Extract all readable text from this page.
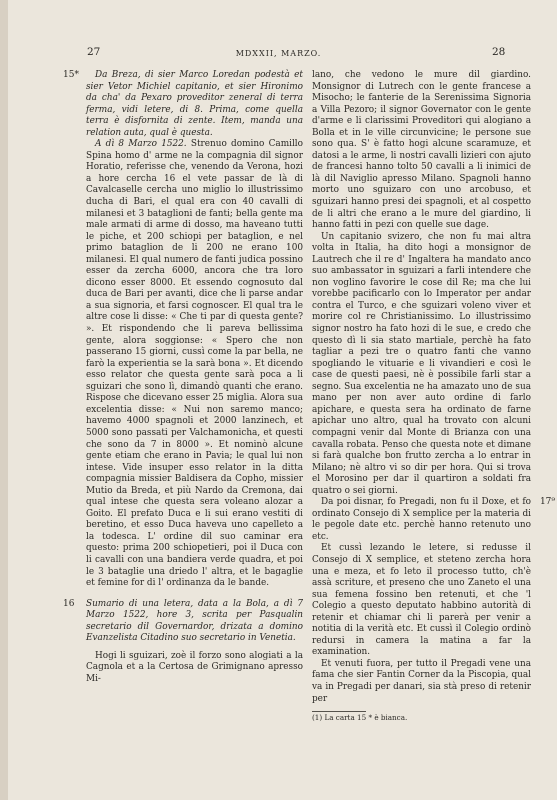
27	MDXXII, MARZO.	28
15*	Da Breza, di sier Marco Loredan podestà et sier Vetor Michiel capitanio, et sier Hironimo da cha' da Pexaro proveditor zeneral di terra ferma, vidi letere, di 8. Prima, come quella terra è disfornita di zente. Item, manda una relation auta, qual è questa.

A dì 8 Marzo 1522. Strenuo domino Camillo Spina homo d' arme ne la compagnia dil signor Horatio, referisse che, venendo da Verona, hozi a hore cercha 16 el vete passar de là di Cavalcaselle cercha uno miglio lo illustrissimo ducha di Bari, el qual era con 40 cavalli di milanesi et 3 bataglioni de fanti; bella gente ma male armati di arme di dosso, ma haveano tutti le piche, et 200 schiopi per bataglion, e nel primo bataglion de li 200 ne erano 100 milanesi. El qual numero de fanti judica possino esser da zercha 6000, ancora che tra loro dicono esser 8000. Et essendo cognosuto dal duca de Bari per avanti, dice che li parse andar a sua signoria, et farsi cognoscer. El qual tra le altre cose li disse: « Che ti par di questa gente? ». Et rispondendo che li pareva bellissima gente, alora soggionse: « Spero che non passerano 15 giorni, cussì come la par bella, ne farò la experientia se la sarà bona ». Et dicendo esso relator che questa gente sarà poca a li sguizari che sono lì, dimandò quanti che erano. Rispose che dicevano esser 25 miglia. Alora sua excelentia disse: « Nui non saremo manco; havemo 4000 spagnoli et 2000 lanzinech, et 5000 sono passati per Valchamonicha, et questi che sono da 7 in 8000 ». Et nominò alcune gente etiam che erano in Pavia; le qual lui non intese. Vide insuper esso relator in la ditta compagnia missier Baldisera da Copho, missier Mutio da Breda, et più Nardo da Cremona, dai qual intese che questa sera voleano alozar a Goito. El prefato Duca e li sui erano vestiti di beretino, et esso Duca haveva uno capelleto a la todesca. L' ordine dil suo caminar era questo: prima 200 schiopetieri, poi il Duca con li cavalli con una bandiera verde quadra, et poi le 3 bataglie una driedo l' altra, et le bagaglie et femine for di l' ordinanza da le bande.

16 Sumario di una letera, data a la Bola, a dì 7 Marzo 1522, hore 3, scrita per Pasqualin secretario dil Governardor, drizata a domino Evanzelista Citadino suo secretario in Venetia.

Hogi li sguizari, zoè il forzo sono alogiati a la Cagnola et a la Certosa de Grimignano apresso Mi-

lano, che vedono le mure dil giardino. Monsignor di Lutrech con le gente francese a Misocho; le fanterie de la Serenissima Signoria a Villa Pezoro; il signor Governator con le gente d'arme e li clarissimi Proveditori qui alogiano a Bolla et in le ville circunvicine; le persone sue sono qua. S' è fatto hogi alcune scaramuze, et datosi a le arme, li nostri cavalli lizieri con ajuto de francesi hanno tolto 50 cavalli a li inimici de là dil Naviglio apresso Milano. Spagnoli hanno morto uno sguizaro con uno arcobuso, et sguizari hanno presi dei spagnoli, et al cospetto de li altri che erano a le mure del giardino, li hanno fatti in pezi con quelle sue dage.

Un capitanio svizero, che non fu mai altra volta in Italia, ha dito hogi a monsignor de Lautrech che il re d' Ingaltera ha mandato anco suo ambassator in sguizari a farli intendere che non voglino favorire le cose dil Re; ma che lui vorebbe pacificarlo con lo Imperator per andar contra el Turco, e che sguizari voleno viver et morire col re Christianissimo. Lo illustrissimo signor nostro ha fato hozi di le sue, e credo che questo dì li sia stato martiale, perchè ha fato tagliar a pezi tre o quatro fanti che vanno spogliando le vituarie e li vivandieri e così le case de questi paesi, nè è possibile farli star a segno. Sua excelentia ne ha amazato uno de sua mano per non aver auto ordine di farlo apichare, e questa sera ha ordinato de farne apichar uno altro, qual ha trovato con alcuni compagni venir dal Monte di Brianza con una cavalla robata. Penso che questa note et dimane si farà qualche bon frutto zercha a lo entrar in Milano; nè altro vi so dir per hora. Qui si trova el Morosino per dar il quartiron a soldati fra quatro o sei giorni.

17⁹

Da poi disnar, fo Pregadi, non fu il Doxe, et fo ordinato Consejo di X semplice per la materia di le pegole date etc. perchè hanno retenuto uno etc.

Et cussì lezando le letere, si redusse il Consejo di X semplice, et steteno zercha hora una e meza, et fo leto il processo tutto, ch'è assà scriture, et preseno che uno Zaneto el una sua femena fossino ben retenuti, et che 'l Colegio a questo deputato habbino autorità di retenir et chiamar chi li parerà per venir a notitia di la verità etc. Et cussì il Colegio ordinò redursi in camera la matina a far la examination.

Et venuti fuora, per tutto il Pregadi vene una fama che sier Fantin Corner da la Piscopia, qual va in Pregadi per danari, sia stà preso di retenir per

(1) La carta 15 * è bianca.
